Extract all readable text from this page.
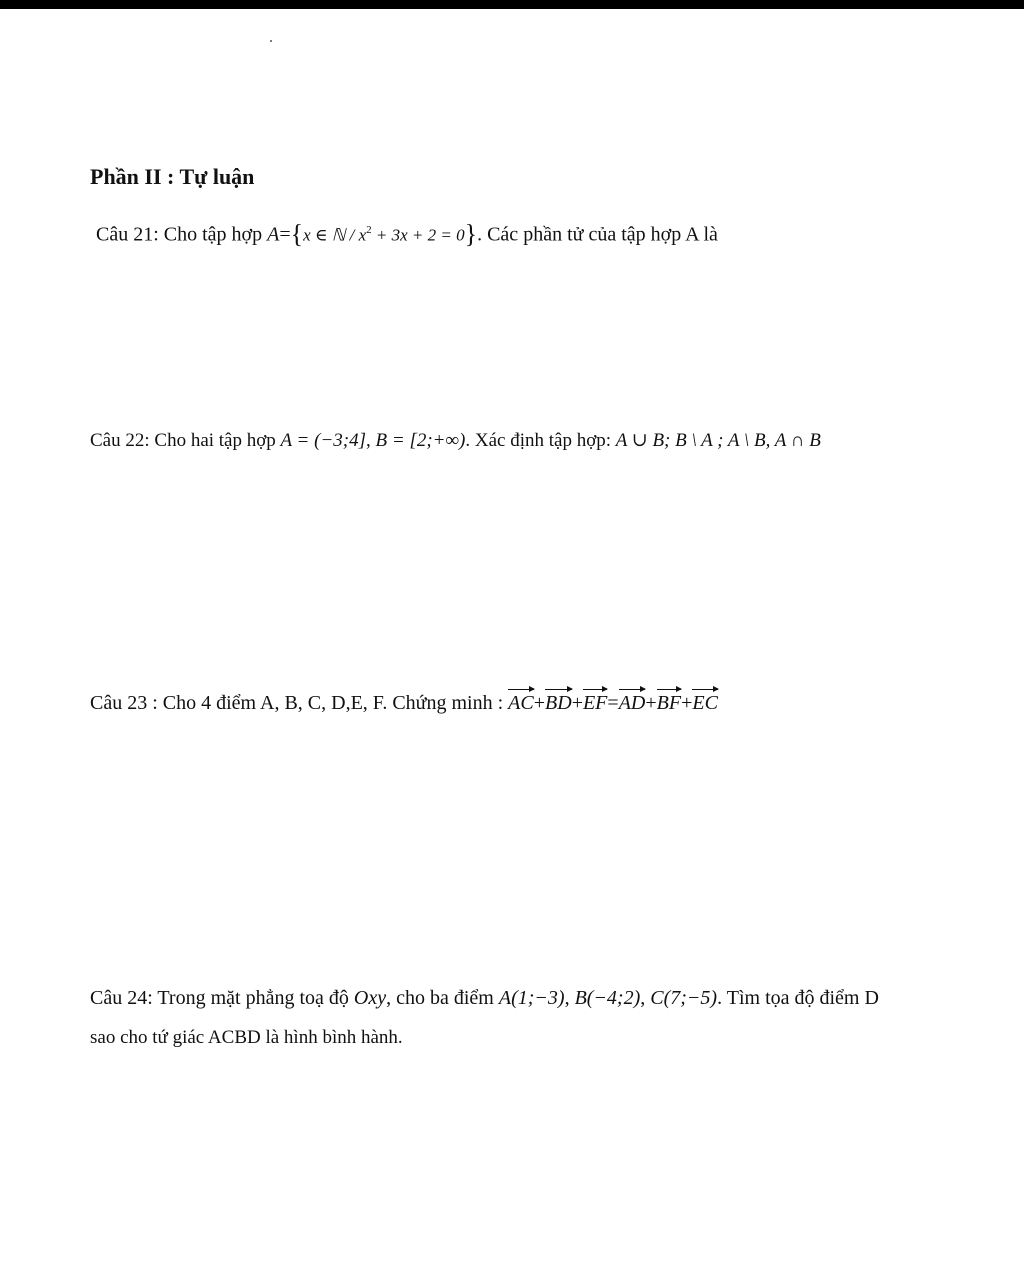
Phần II : Tự luận
Câu 21: Cho tập hợp A={x ∈ ℕ / $x^2 + 3x + 2 = 0$}. Các phần tử của tập hợp A là
Câu 22: Cho hai tập hợp A = (−3;4], B = [2;+∞). Xác định tập hợp: A ∪ B; B \ A ; A \ B, A ∩ B
Câu 23 : Cho 4 điểm A, B, C, D,E, F. Chứng minh : AC+BD+EF=AD+BF+EC
Câu 24: Trong mặt phẳng toạ độ Oxy, cho ba điểm A(1;−3), B(−4;2), C(7;−5). Tìm tọa độ điểm D
sao cho tứ giác ACBD là hình bình hành.
